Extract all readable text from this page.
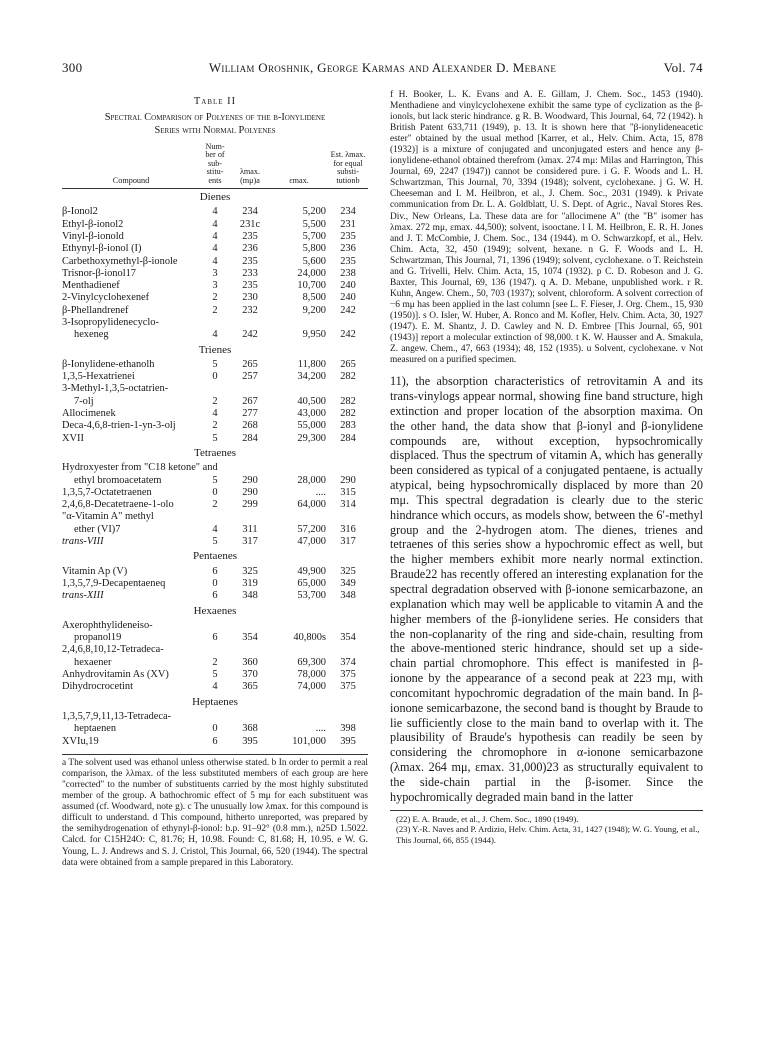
300	William Oroshnik, George Karmas and Alexander D. Mebane	Vol. 74
Table II
Spectral Comparison of Polyenes of the β-Ionylidene
Series with Normal Polyenes
Compound	Num- ber of sub- stitu- ents	λmax. (mμ)a	εmax.	Est. λmax. for equal substi- tutionb
Dienes				
β-Ionol2	4	234	5,200	234
Ethyl-β-ionol2	4	231c	5,500	231
Vinyl-β-ionold	4	235	5,700	235
Ethynyl-β-ionol (I)	4	236	5,800	236
Carbethoxymethyl-β-ionole	4	235	5,600	235
Trisnor-β-ionol17	3	233	24,000	238
Menthadienef	3	235	10,700	240
2-Vinylcyclohexenef	2	230	8,500	240
β-Phellandrenef	2	232	9,200	242
3-Isopropylidenecyclo-				
hexeneg	4	242	9,950	242
Trienes				
β-Ionylidene-ethanolh	5	265	11,800	265
1,3,5-Hexatrienei	0	257	34,200	282
3-Methyl-1,3,5-octatrien-				
7-olj	2	267	40,500	282
Allocimenek	4	277	43,000	282
Deca-4,6,8-trien-1-yn-3-olj	2	268	55,000	283
XVII	5	284	29,300	284
Tetraenes				
Hydroxyester from "C18 ketone" and				
ethyl bromoacetatem	5	290	28,000	290
1,3,5,7-Octatetraenen	0	290	....	315
2,4,6,8-Decatetraene-1-olo	2	299	64,000	314
"α-Vitamin A" methyl				
ether (VI)7	4	311	57,200	316
trans-VIII	5	317	47,000	317
Pentaenes				
Vitamin Ap (V)	6	325	49,900	325
1,3,5,7,9-Decapentaeneq	0	319	65,000	349
trans-XIII	6	348	53,700	348
Hexaenes				
Axerophthylideneiso-				
propanol19	6	354	40,800s	354
2,4,6,8,10,12-Tetradeca-				
hexaener	2	360	69,300	374
Anhydrovitamin As (XV)	5	370	78,000	375
Dihydrocrocetint	4	365	74,000	375
Heptaenes				
1,3,5,7,9,11,13-Tetradeca-				
heptaenen	0	368	....	398
XVIu,19	6	395	101,000	395
a The solvent used was ethanol unless otherwise stated. b In order to permit a real comparison, the λλmax. of the less substituted members of each group are here "corrected" to the number of substituents carried by the most highly substituted member of the group. A bathochromic effect of 5 mμ for each substituent was assumed (cf. Woodward, note g). c The unusually low λmax. for this compound is difficult to understand. d This compound, hitherto unreported, was prepared by the semihydrogenation of ethynyl-β-ionol: b.p. 91–92° (0.8 mm.), n25D 1.5022. Calcd. for C15H24O: C, 81.76; H, 10.98. Found: C, 81.68; H, 10.95. e W. G. Young, L. J. Andrews and S. J. Cristol, This Journal, 66, 520 (1944). The spectral data were obtained from a sample prepared in this Laboratory.
f H. Booker, L. K. Evans and A. E. Gillam, J. Chem. Soc., 1453 (1940). Menthadiene and vinylcyclohexene exhibit the same type of cyclization as the β-ionols, but lack steric hindrance. g R. B. Woodward, This Journal, 64, 72 (1942). h British Patent 633,711 (1949), p. 13. It is shown here that "β-ionylideneacetic ester" obtained by the usual method [Karrer, et al., Helv. Chim. Acta, 15, 878 (1932)] is a mixture of conjugated and unconjugated esters and hence any β-ionylidene-ethanol obtained therefrom (λmax. 274 mμ: Milas and Harrington, This Journal, 69, 2247 (1947)) cannot be considered pure. i G. F. Woods and L. H. Schwartzman, This Journal, 70, 3394 (1948); solvent, cyclohexane. j G. W. H. Cheeseman and I. M. Heilbron, et al., J. Chem. Soc., 2031 (1949). k Private communication from Dr. L. A. Goldblatt, U. S. Dept. of Agric., Naval Stores Res. Div., New Orleans, La. These data are for "allocimene A" (the "B" isomer has λmax. 272 mμ, εmax. 44,500); solvent, isooctane. l I. M. Heilbron, E. R. H. Jones and J. T. McCombie, J. Chem. Soc., 134 (1944). m O. Schwarzkopf, et al., Helv. Chim. Acta, 32, 450 (1949); solvent, hexane. n G. F. Woods and L. H. Schwartzman, This Journal, 71, 1396 (1949); solvent, cyclohexane. o T. Reichstein and G. Trivelli, Helv. Chim. Acta, 15, 1074 (1932). p C. D. Robeson and J. G. Baxter, This Journal, 69, 136 (1947). q A. D. Mebane, unpublished work. r R. Kuhn, Angew. Chem., 50, 703 (1937); solvent, chloroform. A solvent correction of −6 mμ has been applied in the last column [see L. F. Fieser, J. Org. Chem., 15, 930 (1950)]. s O. Isler, W. Huber, A. Ronco and M. Kofler, Helv. Chim. Acta, 30, 1927 (1947). E. M. Shantz, J. D. Cawley and N. D. Embree [This Journal, 65, 901 (1943)] report a molecular extinction of 98,000. t K. W. Hausser and A. Smakula, Z. angew. Chem., 47, 663 (1934); 48, 152 (1935). u Solvent, cyclohexane. v Not measured on a purified specimen.
11), the absorption characteristics of retrovitamin A and its trans-vinylogs appear normal, showing fine band structure, high extinction and proper location of the absorption maxima. On the other hand, the data show that β-ionyl and β-ionylidene compounds are, without exception, hypsochromically displaced. Thus the spectrum of vitamin A, which has generally been considered as typical of a conjugated pentaene, is actually atypical, being hypsochromically displaced by more than 20 mμ. This spectral degradation is clearly due to the steric hindrance which occurs, as models show, between the 6′-methyl group and the 2-hydrogen atom. The dienes, trienes and tetraenes of this series show a hypochromic effect as well, but the higher members exhibit more nearly normal extinction. Braude22 has recently offered an interesting explanation for the spectral degradation observed with β-ionone semicarbazone, an explanation which may well be applicable to vitamin A and the higher members of the β-ionylidene series. He considers that the non-coplanarity of the ring and side-chain, resulting from the above-mentioned steric hindrance, should set up a side-chain partial chromophore. This effect is manifested in β-ionone by the appearance of a second peak at 223 mμ, with concomitant hypochromic degradation of the main band. In β-ionone semicarbazone, the second band is thought by Braude to lie sufficiently close to the main band to overlap with it. The plausibility of Braude's hypothesis can readily be seen by considering the chromophore in α-ionone semicarbazone (λmax. 264 mμ, εmax. 31,000)23 as structurally equivalent to the side-chain partial in the β-isomer. Since the hypochromically degraded main band in the latter
(22) E. A. Braude, et al., J. Chem. Soc., 1890 (1949).
(23) Y.-R. Naves and P. Ardizio, Helv. Chim. Acta, 31, 1427 (1948); W. G. Young, et al., This Journal, 66, 855 (1944).
